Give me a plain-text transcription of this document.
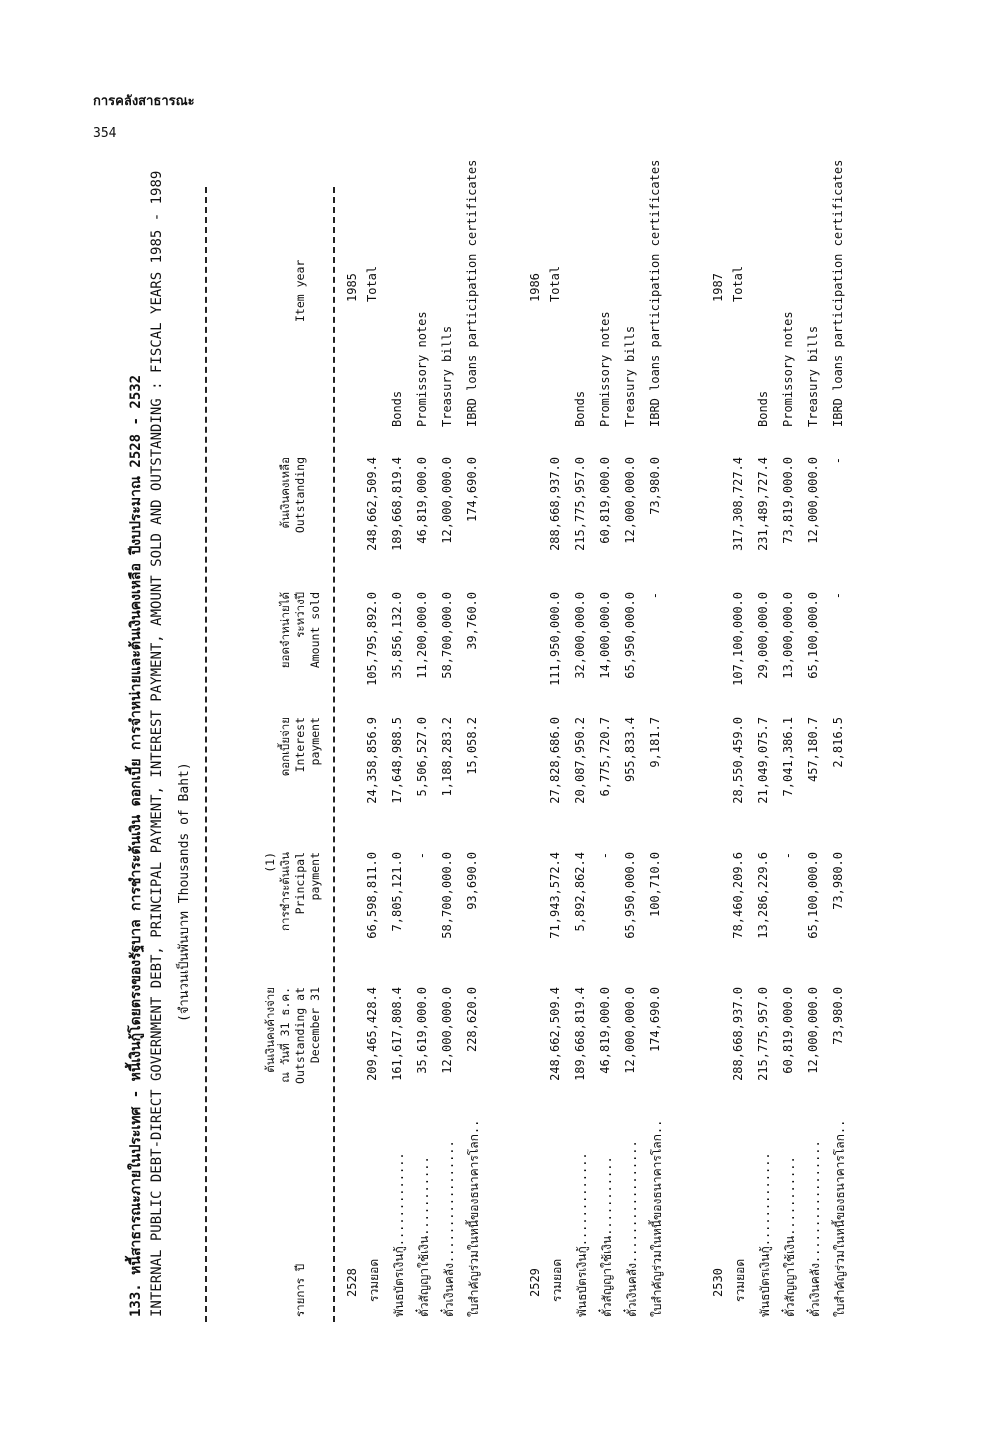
การคลังสาธารณะ
354
133. หนี้สาธารณะภายในประเทศ - หนี้เงินกู้โดยตรงของรัฐบาล การชำระต้นเงิน ดอกเบี้ย การจำหน่ายและต้นเงินคงเหลือ ปีงบประมาณ 2528 - 2532 INTERNAL PUBLIC DEBT-DIRECT GOVERNMENT DEBT, PRINCIPAL PAYMENT, INTEREST PAYMENT, AMOUNT SOLD AND OUTSTANDING : FISCAL YEARS 1985 - 1989 (จำนวนเป็นพันบาท Thousands of Baht)
รายการ ปี
ต้นเงินคงค้างจ่าย ณ วันที่ 31 ธ.ค. Outstanding at December 31
(1) การชำระต้นเงิน Principal payment
ดอกเบี้ยจ่าย Interest payment
ยอดจำหน่ายได้ ระหว่างปี Amount sold
ต้นเงินคงเหลือ Outstanding
Item year
2528
1985
รวมยอด
209,465,428.4
66,598,811.0
24,358,856.9
105,795,892.0
248,662,509.4
Total
พันธบัตรเงินกู้.............
161,617,808.4
7,805,121.0
17,648,988.5
35,856,132.0
189,668,819.4
Bonds
ตั๋วสัญญาใช้เงิน...........
35,619,000.0
-
5,506,527.0
11,200,000.0
46,819,000.0
Promissory notes
ตั๋วเงินคลัง.................
12,000,000.0
58,700,000.0
1,188,283.2
58,700,000.0
12,000,000.0
Treasury bills
ใบสำคัญร่วมในหนี้ของธนาคารโลก..
228,620.0
93,690.0
15,058.2
39,760.0
174,690.0
IBRD loans participation certificates
2529
1986
รวมยอด
248,662,509.4
71,943,572.4
27,828,686.0
111,950,000.0
288,668,937.0
Total
พันธบัตรเงินกู้.............
189,668,819.4
5,892,862.4
20,087,950.2
32,000,000.0
215,775,957.0
Bonds
ตั๋วสัญญาใช้เงิน...........
46,819,000.0
-
6,775,720.7
14,000,000.0
60,819,000.0
Promissory notes
ตั๋วเงินคลัง.................
12,000,000.0
65,950,000.0
955,833.4
65,950,000.0
12,000,000.0
Treasury bills
ใบสำคัญร่วมในหนี้ของธนาคารโลก..
174,690.0
100,710.0
9,181.7
-
73,980.0
IBRD loans participation certificates
2530
1987
รวมยอด
288,668,937.0
78,460,209.6
28,550,459.0
107,100,000.0
317,308,727.4
Total
พันธบัตรเงินกู้.............
215,775,957.0
13,286,229.6
21,049,075.7
29,000,000.0
231,489,727.4
Bonds
ตั๋วสัญญาใช้เงิน...........
60,819,000.0
-
7,041,386.1
13,000,000.0
73,819,000.0
Promissory notes
ตั๋วเงินคลัง.................
12,000,000.0
65,100,000.0
457,180.7
65,100,000.0
12,000,000.0
Treasury bills
ใบสำคัญร่วมในหนี้ของธนาคารโลก..
73,980.0
73,980.0
2,816.5
-
-
IBRD loans participation certificates
